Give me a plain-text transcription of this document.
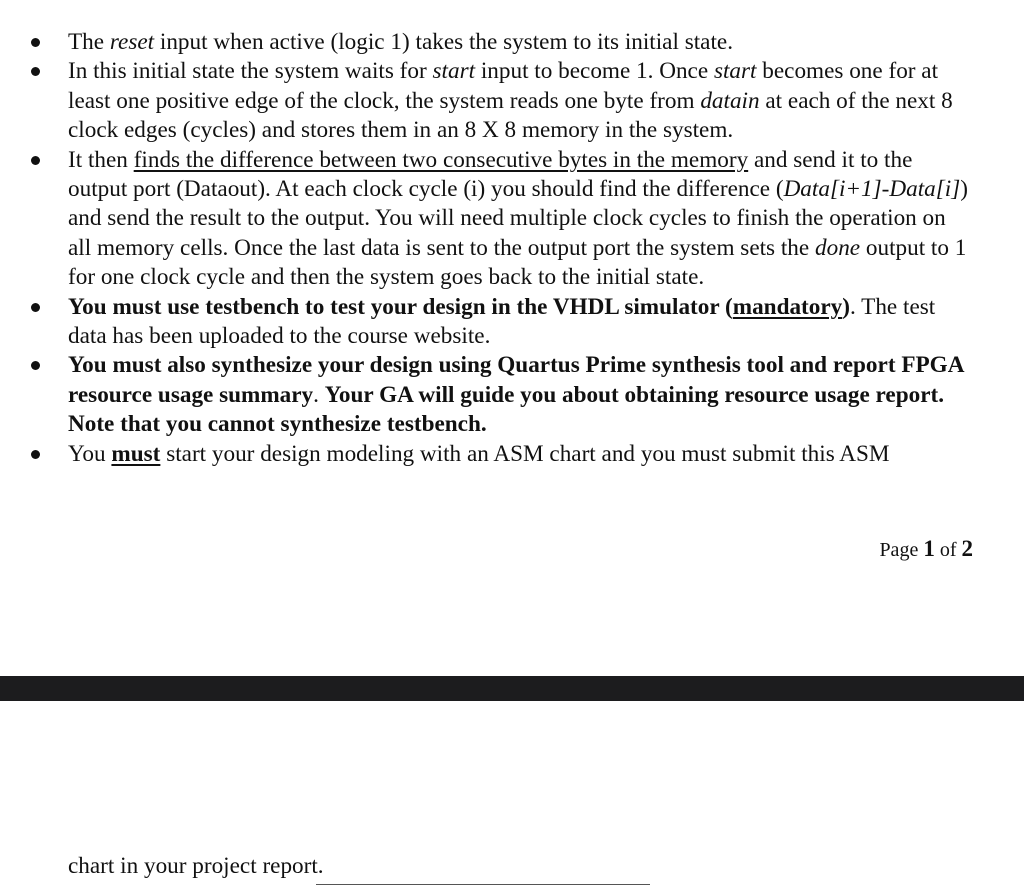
The reset input when active (logic 1) takes the system to its initial state.
In this initial state the system waits for start input to become 1. Once start becomes one for at least one positive edge of the clock, the system reads one byte from datain at each of the next 8 clock edges (cycles) and stores them in an 8 X 8 memory in the system.
It then finds the difference between two consecutive bytes in the memory and send it to the output port (Dataout). At each clock cycle (i) you should find the difference (Data[i+1]-Data[i]) and send the result to the output. You will need multiple clock cycles to finish the operation on all memory cells. Once the last data is sent to the output port the system sets the done output to 1 for one clock cycle and then the system goes back to the initial state.
You must use testbench to test your design in the VHDL simulator (mandatory). The test data has been uploaded to the course website.
You must also synthesize your design using Quartus Prime synthesis tool and report FPGA resource usage summary. Your GA will guide you about obtaining resource usage report. Note that you cannot synthesize testbench.
You must start your design modeling with an ASM chart and you must submit this ASM
Page 1 of 2
chart in your project report.
